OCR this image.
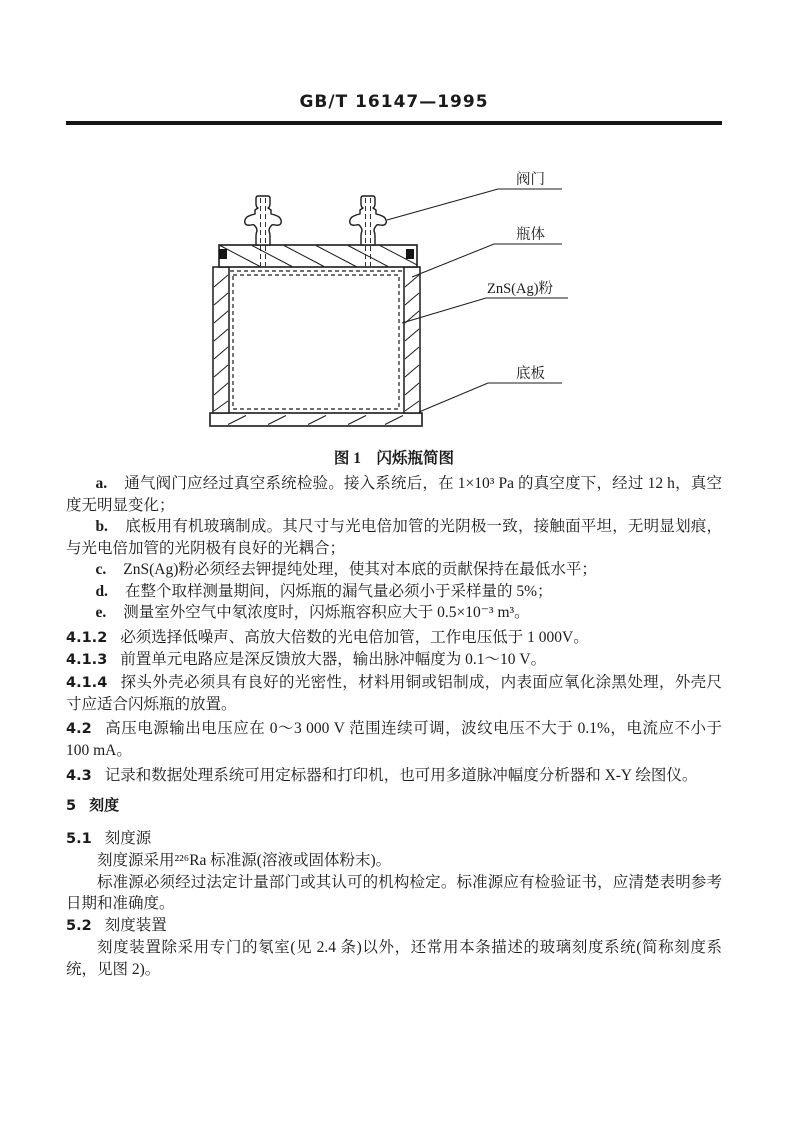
GB/T 16147—1995
阀门
瓶体
ZnS(Ag)粉
底板
图 1　闪烁瓶简图

a. 通气阀门应经过真空系统检验。接入系统后，在 1×10³ Pa 的真空度下，经过 12 h，真空度无明显变化；

b. 底板用有机玻璃制成。其尺寸与光电倍加管的光阴极一致，接触面平坦，无明显划痕，与光电倍加管的光阴极有良好的光耦合；

c. ZnS(Ag)粉必须经去钾提纯处理，使其对本底的贡献保持在最低水平；

d. 在整个取样测量期间，闪烁瓶的漏气量必须小于采样量的 5%；

e. 测量室外空气中氡浓度时，闪烁瓶容积应大于 0.5×10⁻³ m³。

4.1.2 必须选择低噪声、高放大倍数的光电倍加管，工作电压低于 1 000V。

4.1.3 前置单元电路应是深反馈放大器，输出脉冲幅度为 0.1～10 V。

4.1.4 探头外壳必须具有良好的光密性，材料用铜或铝制成，内表面应氧化涂黑处理，外壳尺寸应适合闪烁瓶的放置。

4.2 高压电源输出电压应在 0～3 000 V 范围连续可调，波纹电压不大于 0.1%，电流应不小于 100 mA。

4.3 记录和数据处理系统可用定标器和打印机，也可用多道脉冲幅度分析器和 X-Y 绘图仪。

5 刻度
5.1 刻度源

刻度源采用²²⁶Ra 标准源(溶液或固体粉末)。

标准源必须经过法定计量部门或其认可的机构检定。标准源应有检验证书，应清楚表明参考日期和准确度。

5.2 刻度装置

刻度装置除采用专门的氡室(见 2.4 条)以外，还常用本条描述的玻璃刻度系统(简称刻度系统，见图 2)。
